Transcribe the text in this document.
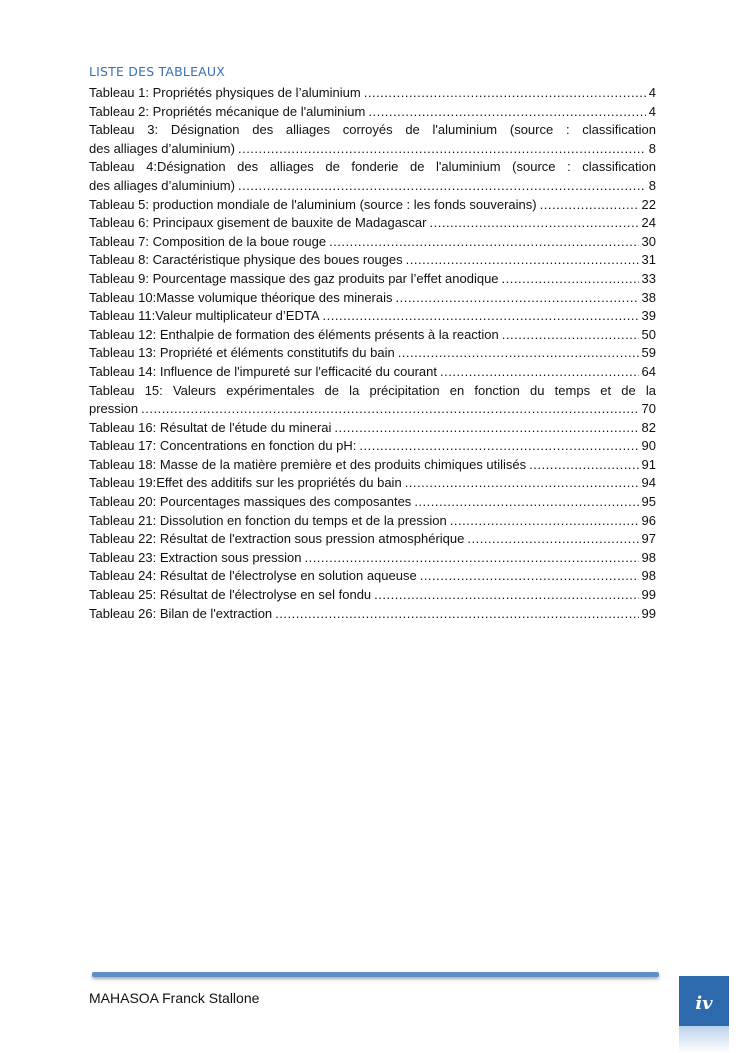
LISTE DES TABLEAUX
Tableau 1: Propriétés physiques de l’aluminium .....	4
Tableau 2: Propriétés mécanique de l'aluminium .....	4
Tableau 3: Désignation des alliages corroyés de l'aluminium (source : classification
des alliages d’aluminium) .....	8
Tableau 4:Désignation des alliages de fonderie de l'aluminium (source : classification
des alliages d’aluminium) .....	8
Tableau 5: production mondiale de l'aluminium (source : les fonds souverains) .....	22
Tableau 6: Principaux gisement de bauxite de Madagascar .....	24
Tableau 7: Composition de la boue rouge .....	30
Tableau 8: Caractéristique physique des boues rouges .....	31
Tableau 9: Pourcentage massique des gaz produits par l’effet anodique .....	33
Tableau 10:Masse volumique théorique des minerais .....	38
Tableau 11:Valeur multiplicateur d’EDTA .....	39
Tableau 12: Enthalpie de formation des éléments présents à la reaction .....	50
Tableau 13: Propriété et éléments constitutifs du bain .....	59
Tableau 14: Influence de l'impureté sur l'efficacité du courant .....	64
Tableau 15: Valeurs expérimentales de la précipitation en fonction du temps et de la
pression .....	70
Tableau 16: Résultat de l'étude du minerai .....	82
Tableau 17: Concentrations en fonction du pH: .....	90
Tableau 18: Masse de la matière première et des produits chimiques utilisés .....	91
Tableau 19:Effet des additifs sur les propriétés du bain .....	94
Tableau 20: Pourcentages massiques des composantes .....	95
Tableau 21: Dissolution en fonction du temps et de la pression .....	96
Tableau 22: Résultat de l'extraction sous pression atmosphérique .....	97
Tableau 23: Extraction sous pression .....	98
Tableau 24: Résultat de l'électrolyse en solution aqueuse .....	98
Tableau 25: Résultat de l'électrolyse en sel fondu .....	99
Tableau 26: Bilan de l'extraction .....	99
MAHASOA Franck Stallone	iv
